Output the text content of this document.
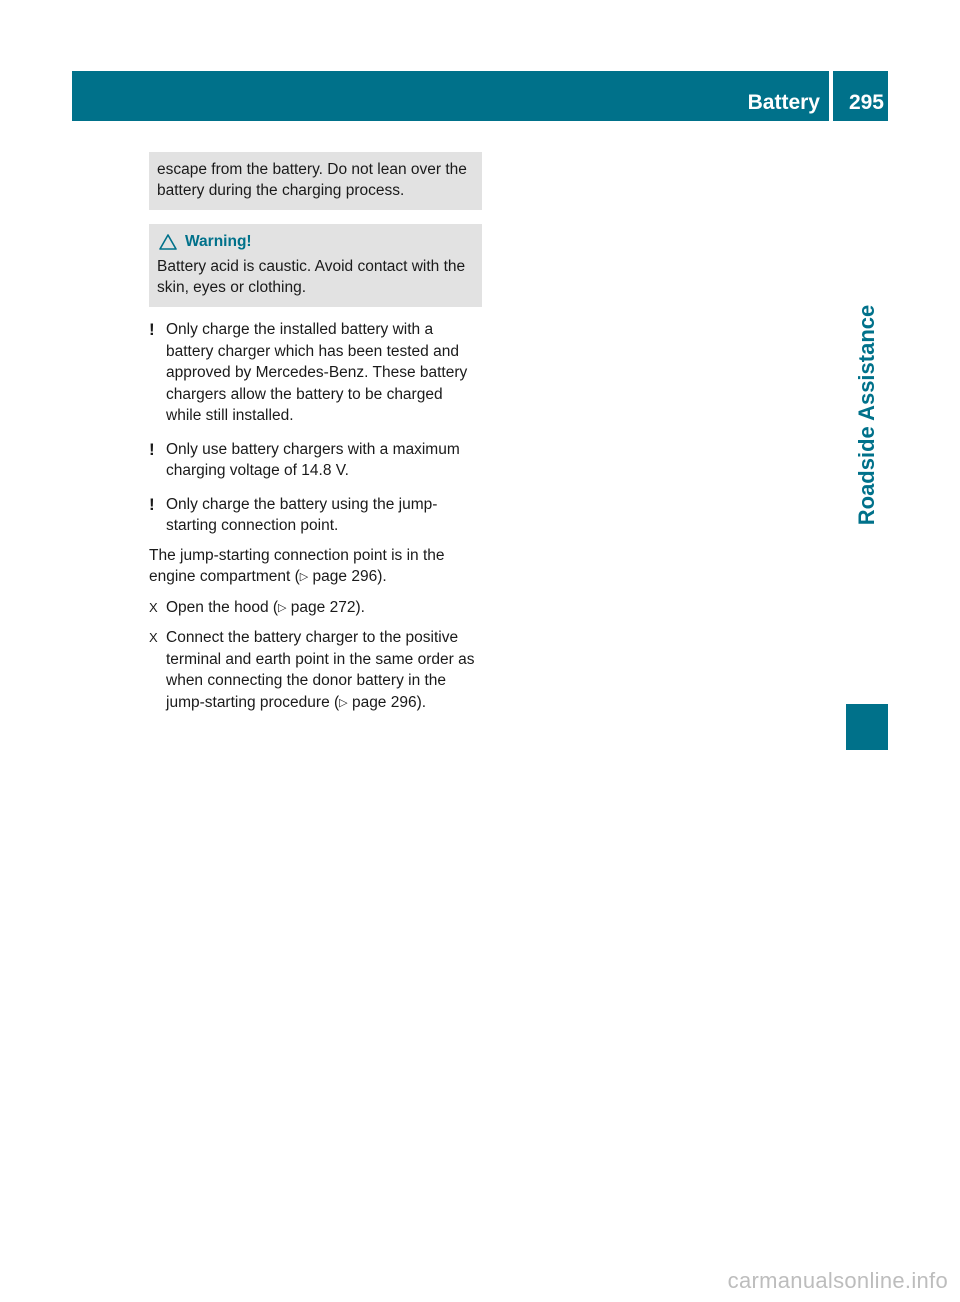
Battery 295
Roadside Assistance
escape from the battery. Do not lean over the battery during the charging process.
Warning!
Battery acid is caustic. Avoid contact with the skin, eyes or clothing.
! Only charge the installed battery with a battery charger which has been tested and approved by Mercedes-Benz. These battery chargers allow the battery to be charged while still installed.
! Only use battery chargers with a maximum charging voltage of 14.8 V.
! Only charge the battery using the jump-starting connection point.
The jump-starting connection point is in the engine compartment (▷ page 296).
X Open the hood (▷ page 272).
X Connect the battery charger to the positive terminal and earth point in the same order as when connecting the donor battery in the jump-starting procedure (▷ page 296).
carmanualsonline.info
